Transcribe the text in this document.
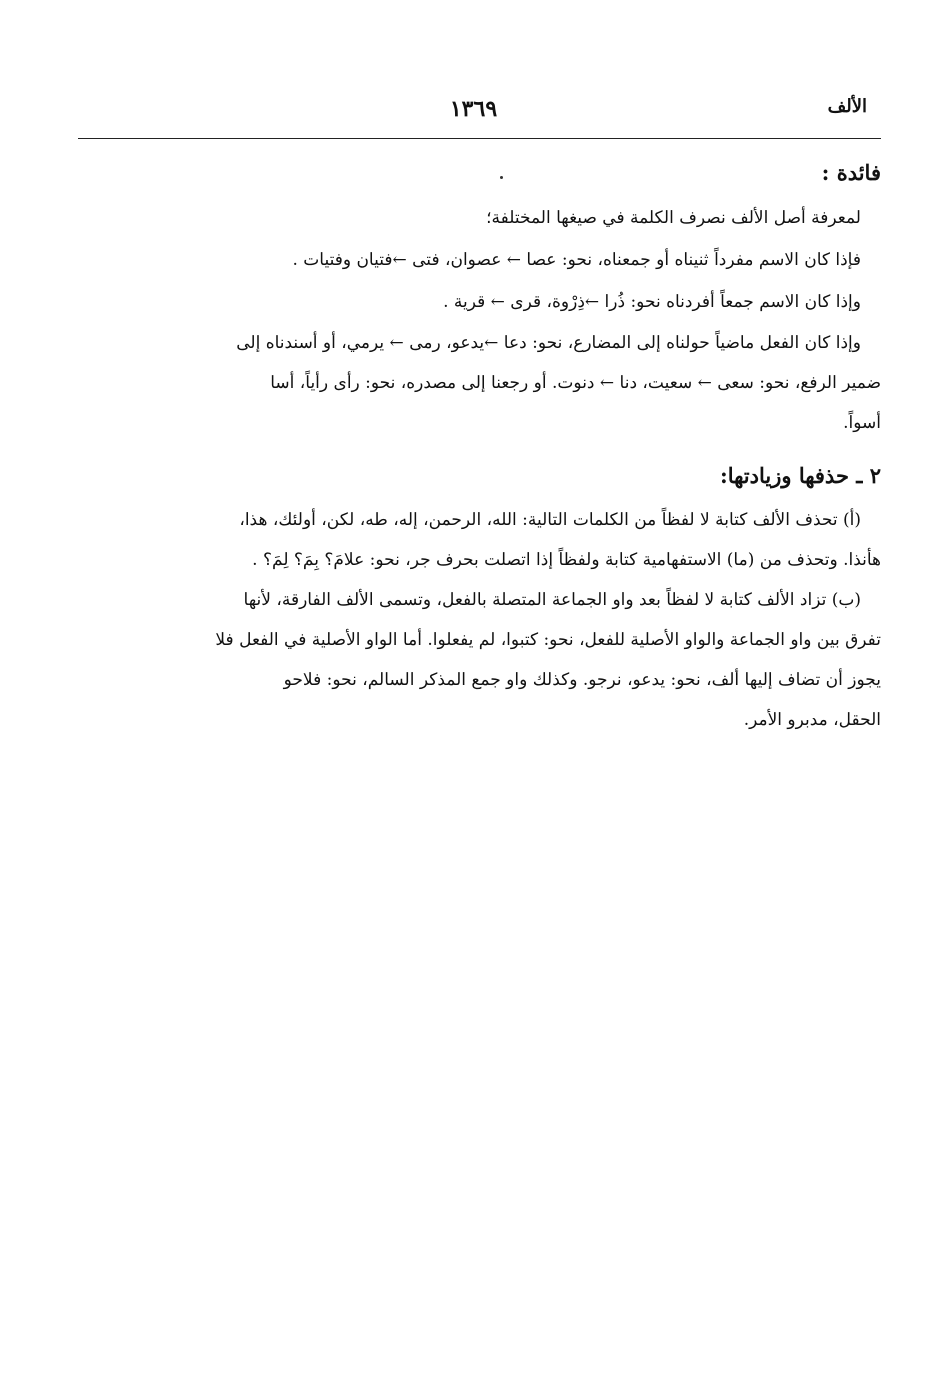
الألف
١٣٦٩
فائدة :

لمعرفة أصل الألف نصرف الكلمة في صيغها المختلفة؛

فإذا كان الاسم مفرداً ثنيناه أو جمعناه، نحو: عصا ← عصوان، فتى ←فتيان وفتيات .

وإذا كان الاسم جمعاً أفردناه نحو: ذُرا ←ذِرْوة، قرى ← قرية .

وإذا كان الفعل ماضياً حولناه إلى المضارع، نحو: دعا ←يدعو، رمى ← يرمي، أو أسندناه إلى
ضمير الرفع، نحو: سعى ← سعيت، دنا ← دنوت. أو رجعنا إلى مصدره، نحو: رأى رأياً، أسا
أسواً.
٢ ـ حذفها وزيادتها:
(أ) تحذف الألف كتابة لا لفظاً من الكلمات التالية: الله، الرحمن، إله، طه، لكن، أولئك، هذا،
هأنذا. وتحذف من (ما) الاستفهامية كتابة ولفظاً إذا اتصلت بحرف جر، نحو: علامَ؟ بِمَ؟ لِمَ؟ .
(ب) تزاد الألف كتابة لا لفظاً بعد واو الجماعة المتصلة بالفعل، وتسمى الألف الفارقة، لأنها
تفرق بين واو الجماعة والواو الأصلية للفعل، نحو: كتبوا، لم يفعلوا. أما الواو الأصلية في الفعل فلا
يجوز أن تضاف إليها ألف، نحو: يدعو، نرجو. وكذلك واو جمع المذكر السالم، نحو: فلاحو
الحقل، مدبرو الأمر.
